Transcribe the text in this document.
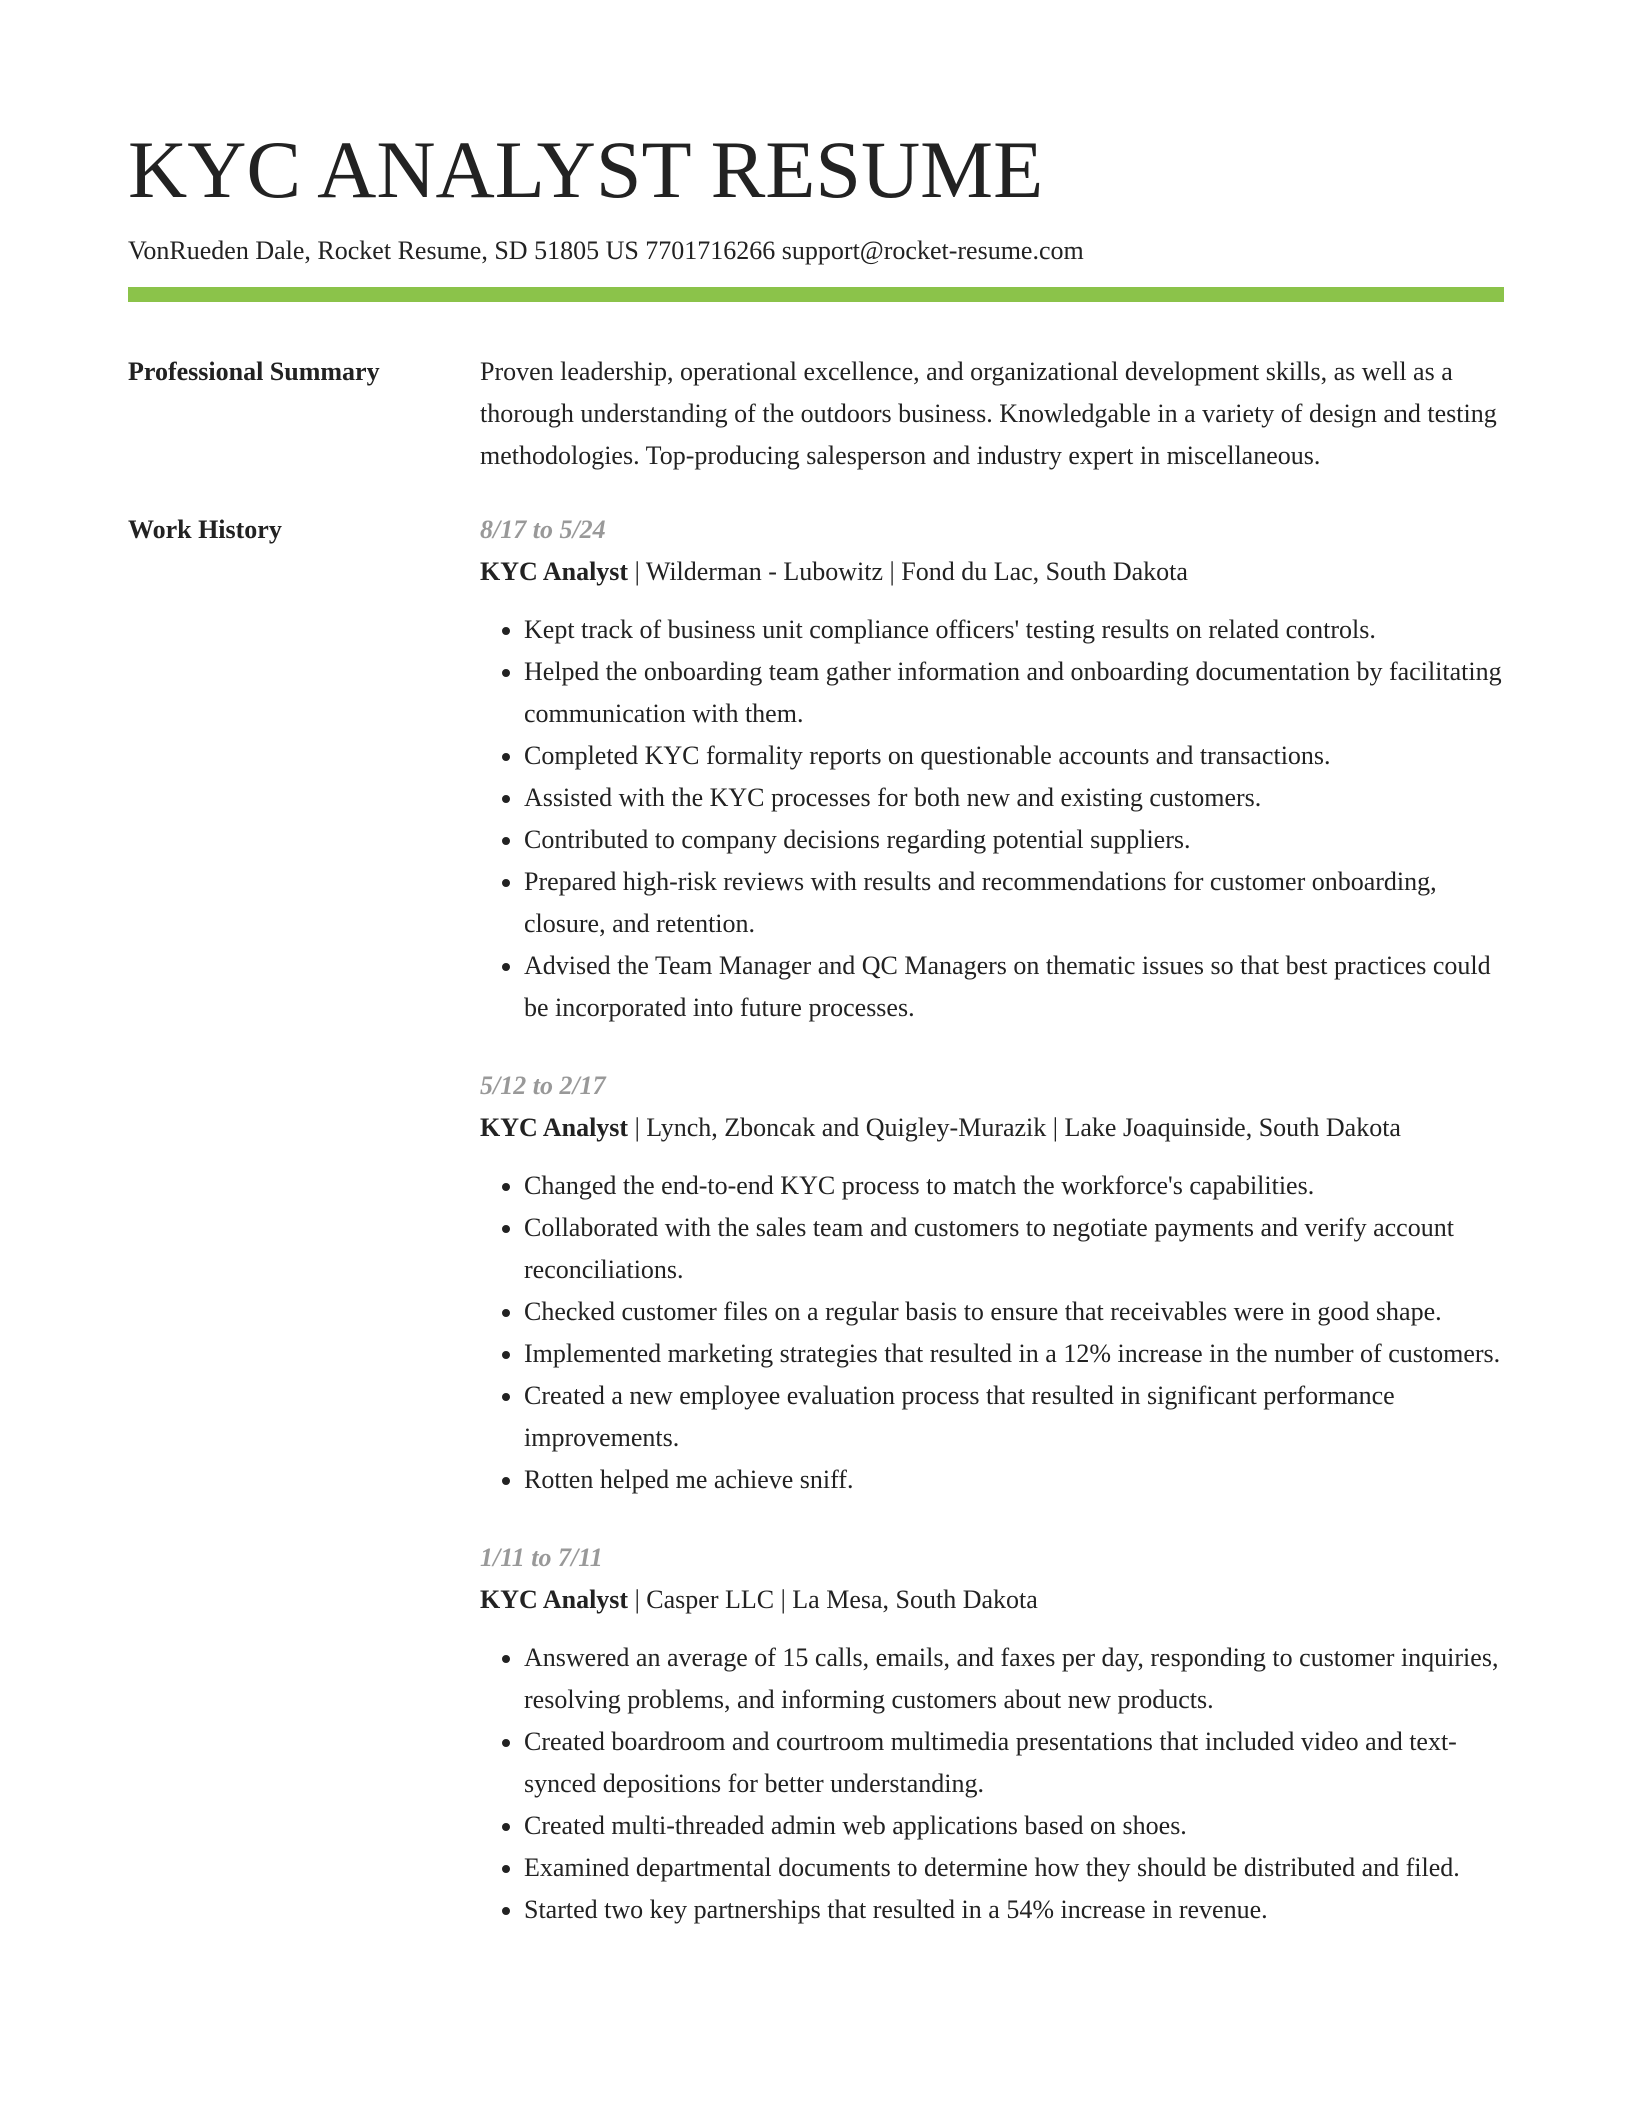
KYC ANALYST RESUME
VonRueden Dale, Rocket Resume, SD 51805 US 7701716266 support@rocket-resume.com
Professional Summary	Proven leadership, operational excellence, and organizational development skills, as well as a thorough understanding of the outdoors business. Knowledgable in a variety of design and testing methodologies. Top-producing salesperson and industry expert in miscellaneous.
Work History	8/17 to 5/24
KYC Analyst | Wilderman - Lubowitz | Fond du Lac, South Dakota
• Kept track of business unit compliance officers' testing results on related controls.
• Helped the onboarding team gather information and onboarding documentation by facilitating communication with them.
• Completed KYC formality reports on questionable accounts and transactions.
• Assisted with the KYC processes for both new and existing customers.
• Contributed to company decisions regarding potential suppliers.
• Prepared high-risk reviews with results and recommendations for customer onboarding, closure, and retention.
• Advised the Team Manager and QC Managers on thematic issues so that best practices could be incorporated into future processes.
5/12 to 2/17
KYC Analyst | Lynch, Zboncak and Quigley-Murazik | Lake Joaquinside, South Dakota
• Changed the end-to-end KYC process to match the workforce's capabilities.
• Collaborated with the sales team and customers to negotiate payments and verify account reconciliations.
• Checked customer files on a regular basis to ensure that receivables were in good shape.
• Implemented marketing strategies that resulted in a 12% increase in the number of customers.
• Created a new employee evaluation process that resulted in significant performance improvements.
• Rotten helped me achieve sniff.
1/11 to 7/11
KYC Analyst | Casper LLC | La Mesa, South Dakota
• Answered an average of 15 calls, emails, and faxes per day, responding to customer inquiries, resolving problems, and informing customers about new products.
• Created boardroom and courtroom multimedia presentations that included video and text-synced depositions for better understanding.
• Created multi-threaded admin web applications based on shoes.
• Examined departmental documents to determine how they should be distributed and filed.
• Started two key partnerships that resulted in a 54% increase in revenue.
